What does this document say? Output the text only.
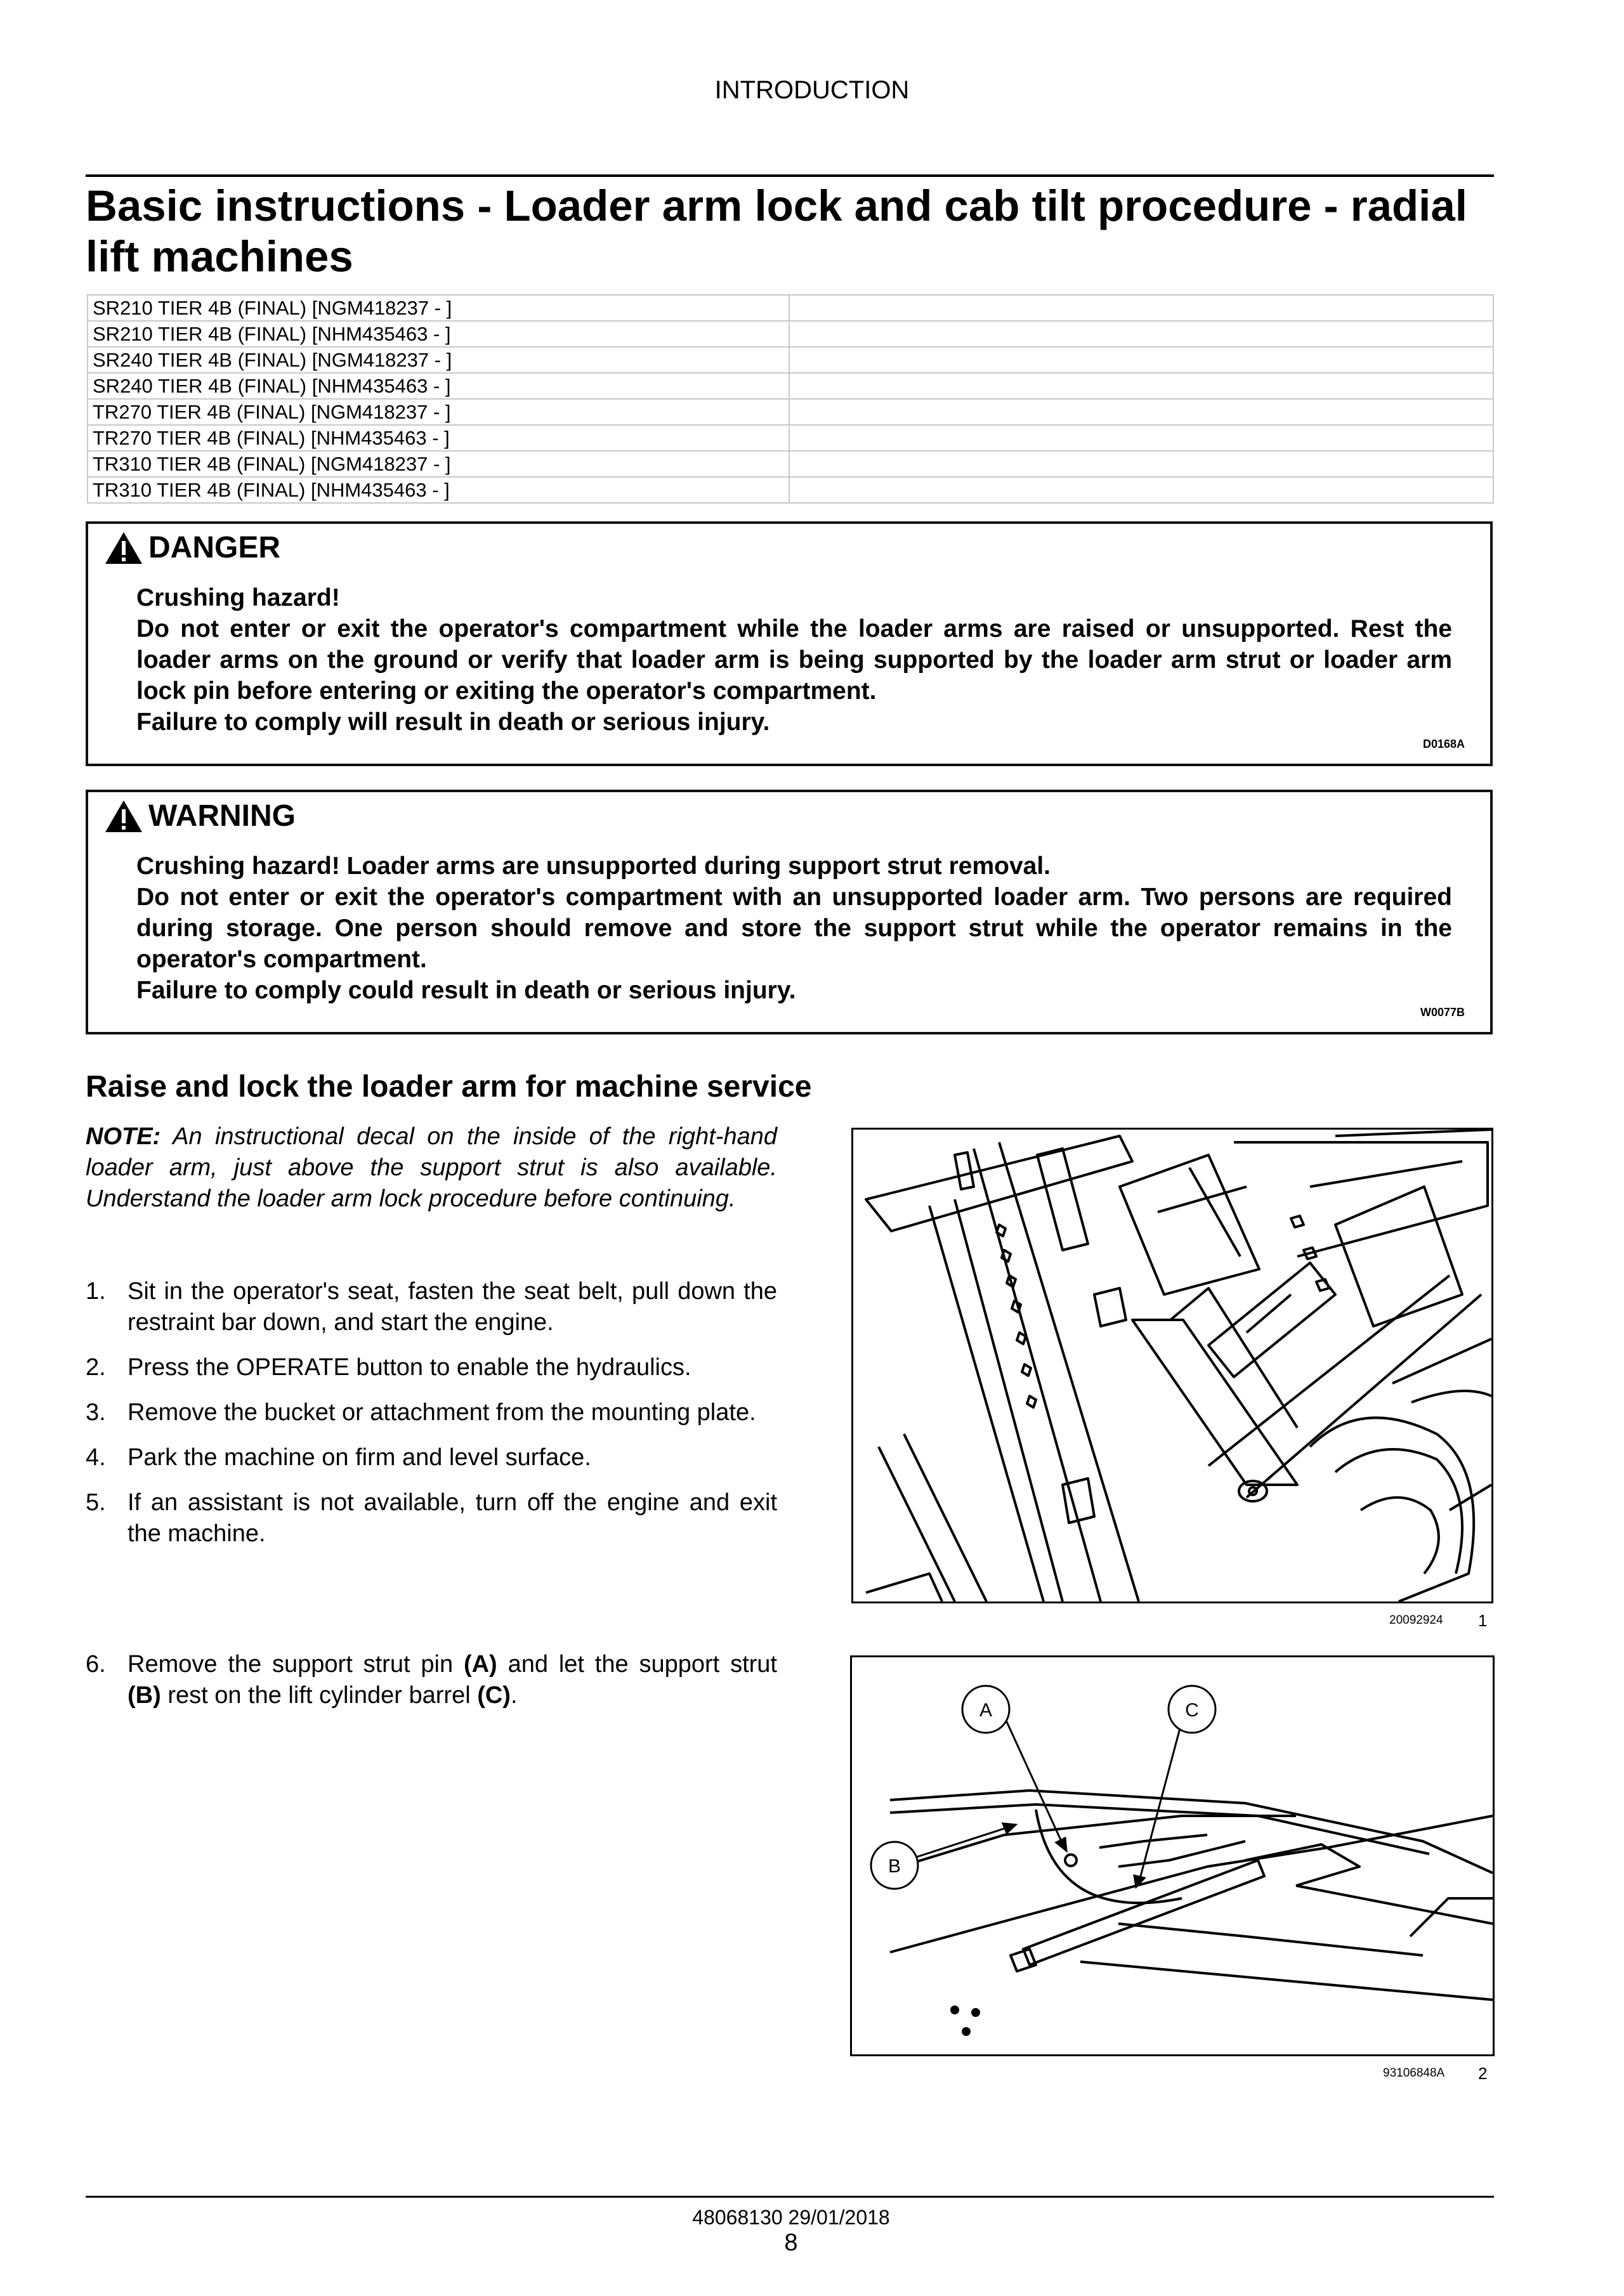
INTRODUCTION
Basic instructions - Loader arm lock and cab tilt procedure - radial lift machines
SR210 TIER 4B (FINAL) [NGM418237 - ]	
SR210 TIER 4B (FINAL) [NHM435463 - ]	
SR240 TIER 4B (FINAL) [NGM418237 - ]	
SR240 TIER 4B (FINAL) [NHM435463 - ]	
TR270 TIER 4B (FINAL) [NGM418237 - ]	
TR270 TIER 4B (FINAL) [NHM435463 - ]	
TR310 TIER 4B (FINAL) [NGM418237 - ]	
TR310 TIER 4B (FINAL) [NHM435463 - ]	
DANGER

Crushing hazard!

Do not enter or exit the operator's compartment while the loader arms are raised or unsupported. Rest the loader arms on the ground or verify that loader arm is being supported by the loader arm strut or loader arm lock pin before entering or exiting the operator's compartment.

Failure to comply will result in death or serious injury.

D0168A
WARNING

Crushing hazard! Loader arms are unsupported during support strut removal.

Do not enter or exit the operator's compartment with an unsupported loader arm. Two persons are required during storage. One person should remove and store the support strut while the operator remains in the operator's compartment.

Failure to comply could result in death or serious injury.

W0077B
Raise and lock the loader arm for machine service
NOTE: An instructional decal on the inside of the right-hand loader arm, just above the support strut is also available. Understand the loader arm lock procedure before continuing.
1. Sit in the operator's seat, fasten the seat belt, pull down the restraint bar down, and start the engine.
2. Press the OPERATE button to enable the hydraulics.
3. Remove the bucket or attachment from the mounting plate.
4. Park the machine on firm and level surface.
5. If an assistant is not available, turn off the engine and exit the machine.
6. Remove the support strut pin (A) and let the support strut (B) rest on the lift cylinder barrel (C).
20092924 1
A	C
B
93106848A 2
48068130 29/01/2018
8
